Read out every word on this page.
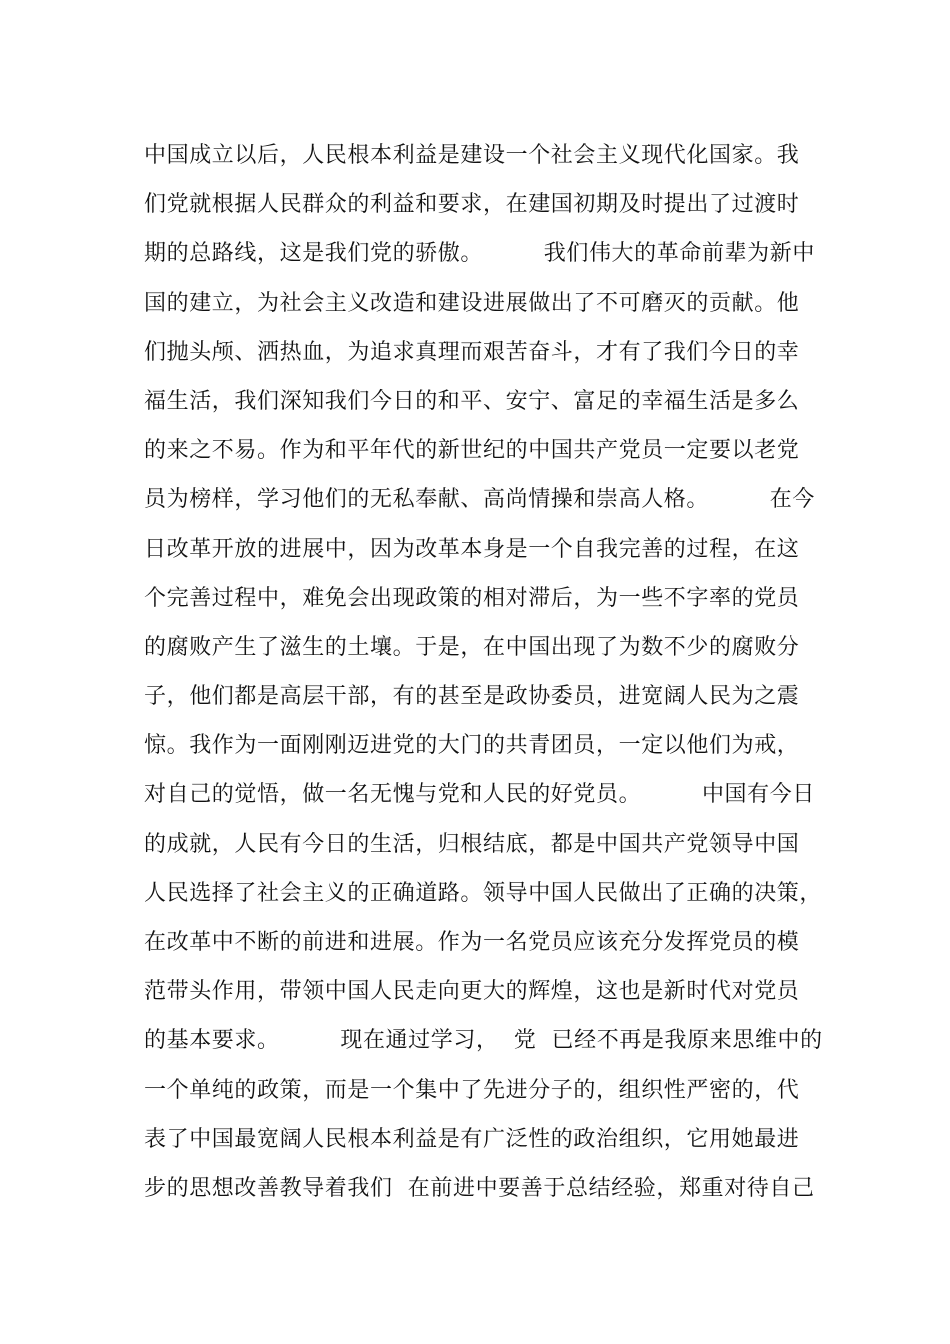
中国成立以后，人民根本利益是建设一个社会主义现代化国家。我
们党就根据人民群众的利益和要求，在建国初期及时提出了过渡时
期的总路线，这是我们党的骄傲。        我们伟大的革命前辈为新中
国的建立，为社会主义改造和建设进展做出了不可磨灭的贡献。他
们抛头颅、洒热血，为追求真理而艰苦奋斗，才有了我们今日的幸
福生活，我们深知我们今日的和平、安宁、富足的幸福生活是多么
的来之不易。作为和平年代的新世纪的中国共产党员一定要以老党
员为榜样，学习他们的无私奉献、高尚情操和崇高人格。        在今
日改革开放的进展中，因为改革本身是一个自我完善的过程，在这
个完善过程中，难免会出现政策的相对滞后，为一些不字率的党员
的腐败产生了滋生的土壤。于是，在中国出现了为数不少的腐败分
子，他们都是高层干部，有的甚至是政协委员，进宽阔人民为之震
惊。我作为一面刚刚迈进党的大门的共青团员，一定以他们为戒，
对自己的觉悟，做一名无愧与党和人民的好党员。        中国有今日
的成就，人民有今日的生活，归根结底，都是中国共产党领导中国
人民选择了社会主义的正确道路。领导中国人民做出了正确的决策，
在改革中不断的前进和进展。作为一名党员应该充分发挥党员的模
范带头作用，带领中国人民走向更大的辉煌，这也是新时代对党员
的基本要求。        现在通过学习，  党  已经不再是我原来思维中的
一个单纯的政策，而是一个集中了先进分子的，组织性严密的，代
表了中国最宽阔人民根本利益是有广泛性的政治组织，它用她最进
步的思想改善教导着我们  在前进中要善于总结经验，郑重对待自己
